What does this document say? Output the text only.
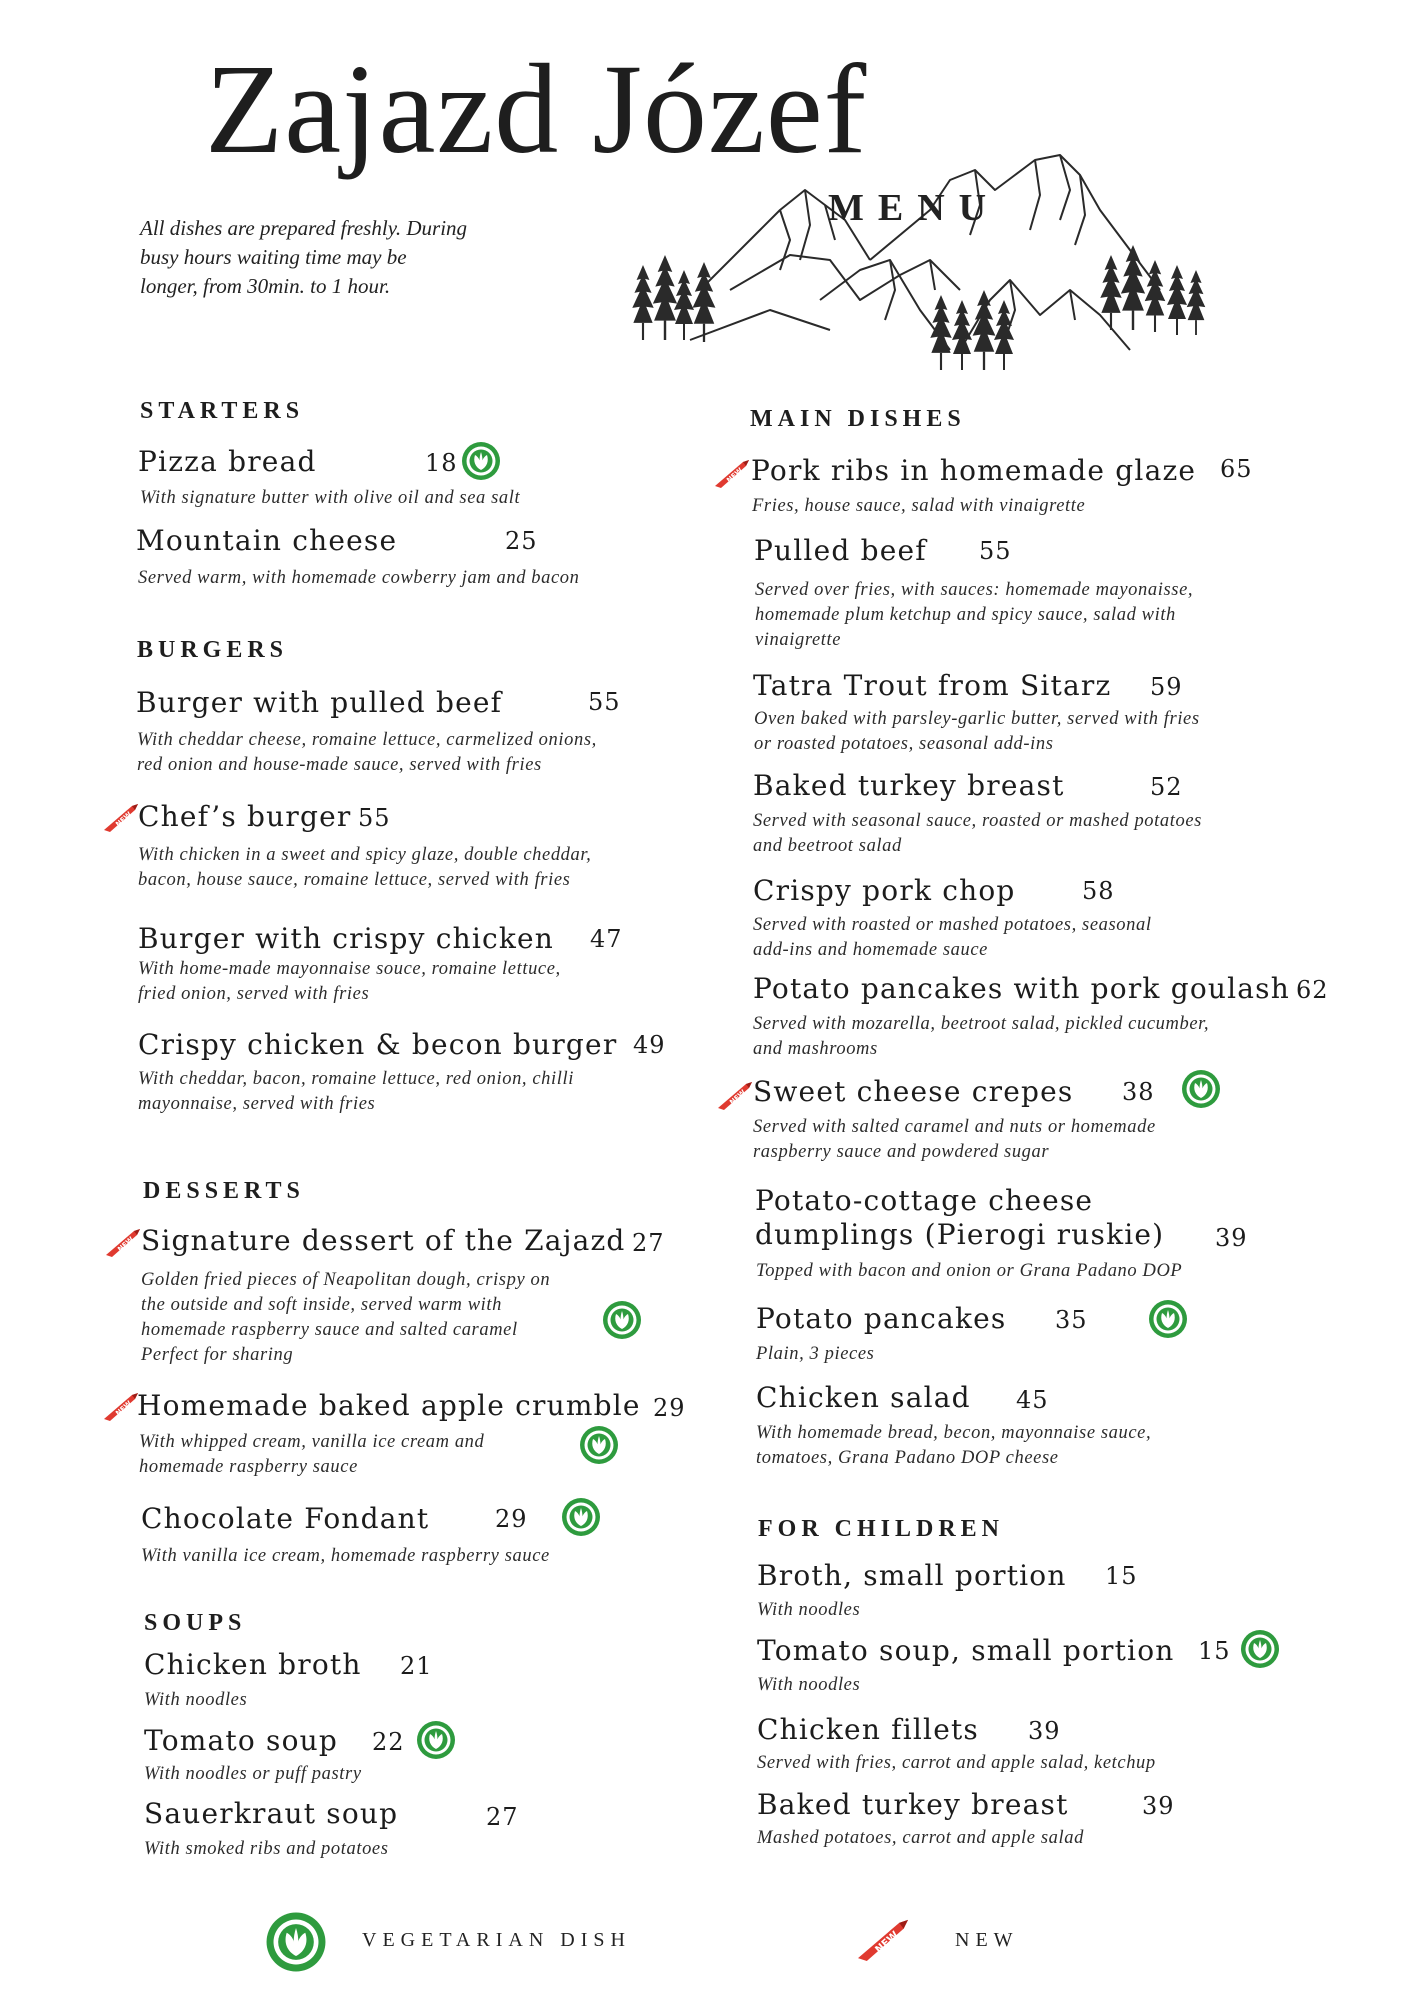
Zajazd Józef
MENU
All dishes are prepared freshly. During
busy hours waiting time may be
longer, from 30min. to 1 hour.
STARTERS
Pizza bread	18
With signature butter with olive oil and sea salt
Mountain cheese	25
Served warm, with homemade cowberry jam and bacon
BURGERS
Burger with pulled beef	55
With cheddar cheese, romaine lettuce, carmelized onions,
red onion and house-made sauce, served with fries
Chef’s burger 55
With chicken in a sweet and spicy glaze, double cheddar,
bacon, house sauce, romaine lettuce, served with fries
Burger with crispy chicken 47
With home-made mayonnaise souce, romaine lettuce,
fried onion, served with fries
Crispy chicken & becon burger 49
With cheddar, bacon, romaine lettuce, red onion, chilli
mayonnaise, served with fries
DESSERTS
Signature dessert of the Zajazd 27
Golden fried pieces of Neapolitan dough, crispy on
the outside and soft inside, served warm with
homemade raspberry sauce and salted caramel
Perfect for sharing
Homemade baked apple crumble 29
With whipped cream, vanilla ice cream and
homemade raspberry sauce
Chocolate Fondant	29
With vanilla ice cream, homemade raspberry sauce
SOUPS
Chicken broth 21
With noodles
Tomato soup 22
With noodles or puff pastry
Sauerkraut soup	27
With smoked ribs and potatoes
MAIN DISHES
Pork ribs in homemade glaze 65
Fries, house sauce, salad with vinaigrette
Pulled beef 55
Served over fries, with sauces: homemade mayonaisse,
homemade plum ketchup and spicy sauce, salad with
vinaigrette
Tatra Trout from Sitarz 59
Oven baked with parsley-garlic butter, served with fries
or roasted potatoes, seasonal add-ins
Baked turkey breast	52
Served with seasonal sauce, roasted or mashed potatoes
and beetroot salad
Crispy pork chop	58
Served with roasted or mashed potatoes, seasonal
add-ins and homemade sauce
Potato pancakes with pork goulash 62
Served with mozarella, beetroot salad, pickled cucumber,
and mashrooms
Sweet cheese crepes 38
Served with salted caramel and nuts or homemade
raspberry sauce and powdered sugar
Potato-cottage cheese
dumplings (Pierogi ruskie) 39
Topped with bacon and onion or Grana Padano DOP
Potato pancakes 35
Plain, 3 pieces
Chicken salad 45
With homemade bread, becon, mayonnaise sauce,
tomatoes, Grana Padano DOP cheese
FOR CHILDREN
Broth, small portion 15
With noodles
Tomato soup, small portion 15
With noodles
Chicken fillets 39
Served with fries, carrot and apple salad, ketchup
Baked turkey breast	39
Mashed potatoes, carrot and apple salad
VEGETARIAN DISH	NEW
